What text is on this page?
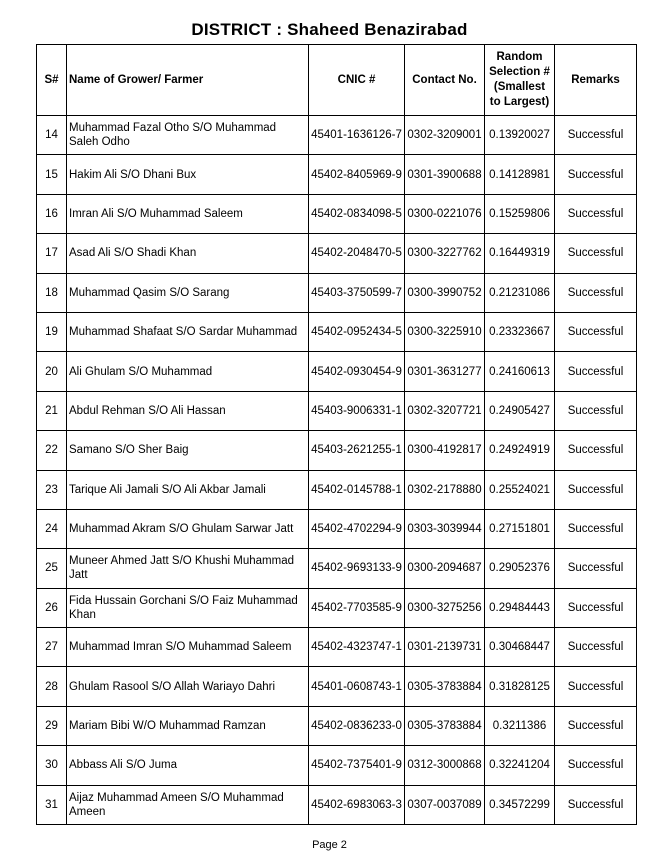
DISTRICT : Shaheed Benazirabad
S#	Name of Grower/ Farmer	CNIC #	Contact No.	Random Selection # (Smallest to Largest)	Remarks
14	Muhammad Fazal Otho S/O Muhammad Saleh Odho	45401-1636126-7	0302-3209001	0.13920027	Successful
15	Hakim Ali S/O Dhani Bux	45402-8405969-9	0301-3900688	0.14128981	Successful
16	Imran Ali S/O Muhammad Saleem	45402-0834098-5	0300-0221076	0.15259806	Successful
17	Asad Ali S/O Shadi Khan	45402-2048470-5	0300-3227762	0.16449319	Successful
18	Muhammad Qasim S/O Sarang	45403-3750599-7	0300-3990752	0.21231086	Successful
19	Muhammad Shafaat S/O Sardar Muhammad	45402-0952434-5	0300-3225910	0.23323667	Successful
20	Ali Ghulam S/O Muhammad	45402-0930454-9	0301-3631277	0.24160613	Successful
21	Abdul Rehman S/O Ali Hassan	45403-9006331-1	0302-3207721	0.24905427	Successful
22	Samano S/O Sher Baig	45403-2621255-1	0300-4192817	0.24924919	Successful
23	Tarique Ali Jamali S/O Ali Akbar Jamali	45402-0145788-1	0302-2178880	0.25524021	Successful
24	Muhammad Akram S/O Ghulam Sarwar Jatt	45402-4702294-9	0303-3039944	0.27151801	Successful
25	Muneer Ahmed Jatt S/O Khushi Muhammad Jatt	45402-9693133-9	0300-2094687	0.29052376	Successful
26	Fida Hussain Gorchani S/O Faiz Muhammad Khan	45402-7703585-9	0300-3275256	0.29484443	Successful
27	Muhammad Imran S/O Muhammad Saleem	45402-4323747-1	0301-2139731	0.30468447	Successful
28	Ghulam Rasool S/O Allah Wariayo Dahri	45401-0608743-1	0305-3783884	0.31828125	Successful
29	Mariam Bibi W/O Muhammad Ramzan	45402-0836233-0	0305-3783884	0.3211386	Successful
30	Abbass Ali S/O Juma	45402-7375401-9	0312-3000868	0.32241204	Successful
31	Aijaz Muhammad Ameen S/O Muhammad Ameen	45402-6983063-3	0307-0037089	0.34572299	Successful
Page 2
